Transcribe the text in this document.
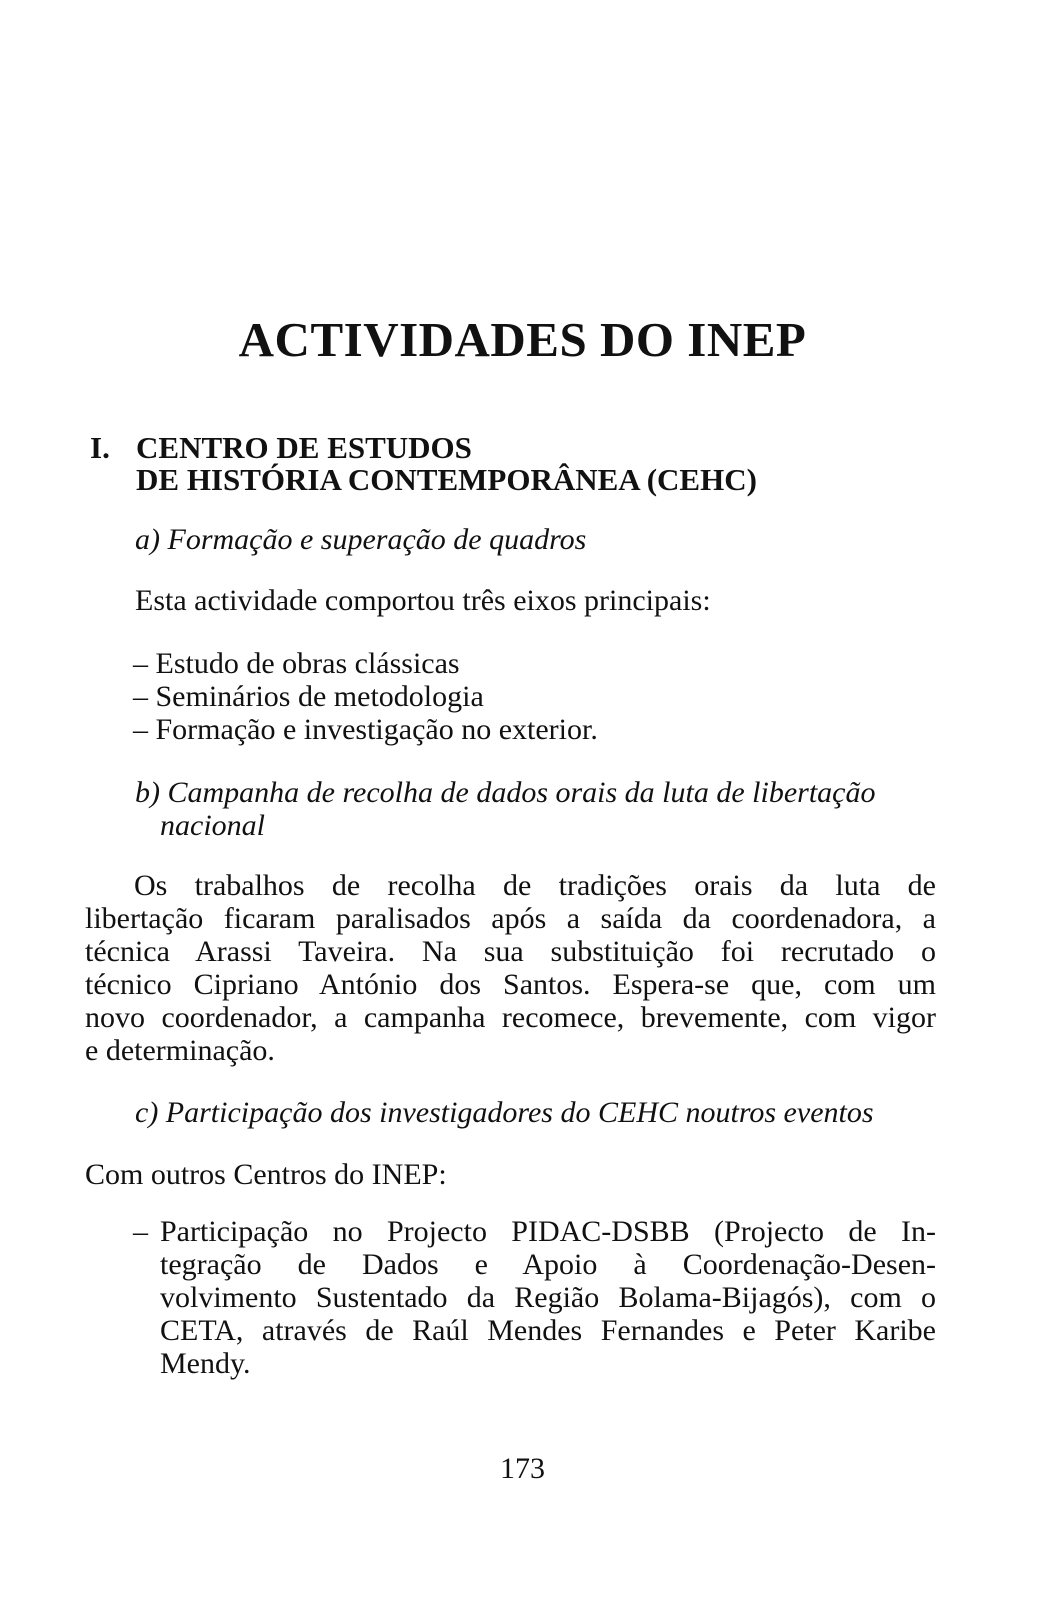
ACTIVIDADES DO INEP
I. CENTRO DE ESTUDOS
DE HISTÓRIA CONTEMPORÂNEA (CEHC)
a) Formação e superação de quadros
Esta actividade comportou três eixos principais:
– Estudo de obras clássicas
– Seminários de metodologia
– Formação e investigação no exterior.
b) Campanha de recolha de dados orais da luta de libertação
nacional
Os trabalhos de recolha de tradições orais da luta de
libertação ficaram paralisados após a saída da coordenadora, a
técnica Arassi Taveira. Na sua substituição foi recrutado o
técnico Cipriano António dos Santos. Espera-se que, com um
novo coordenador, a campanha recomece, brevemente, com vigor
e determinação.
c) Participação dos investigadores do CEHC noutros eventos
Com outros Centros do INEP:
– Participação no Projecto PIDAC-DSBB (Projecto de In-
tegração de Dados e Apoio à Coordenação-Desen-
volvimento Sustentado da Região Bolama-Bijagós), com o
CETA, através de Raúl Mendes Fernandes e Peter Karibe
Mendy.
173
